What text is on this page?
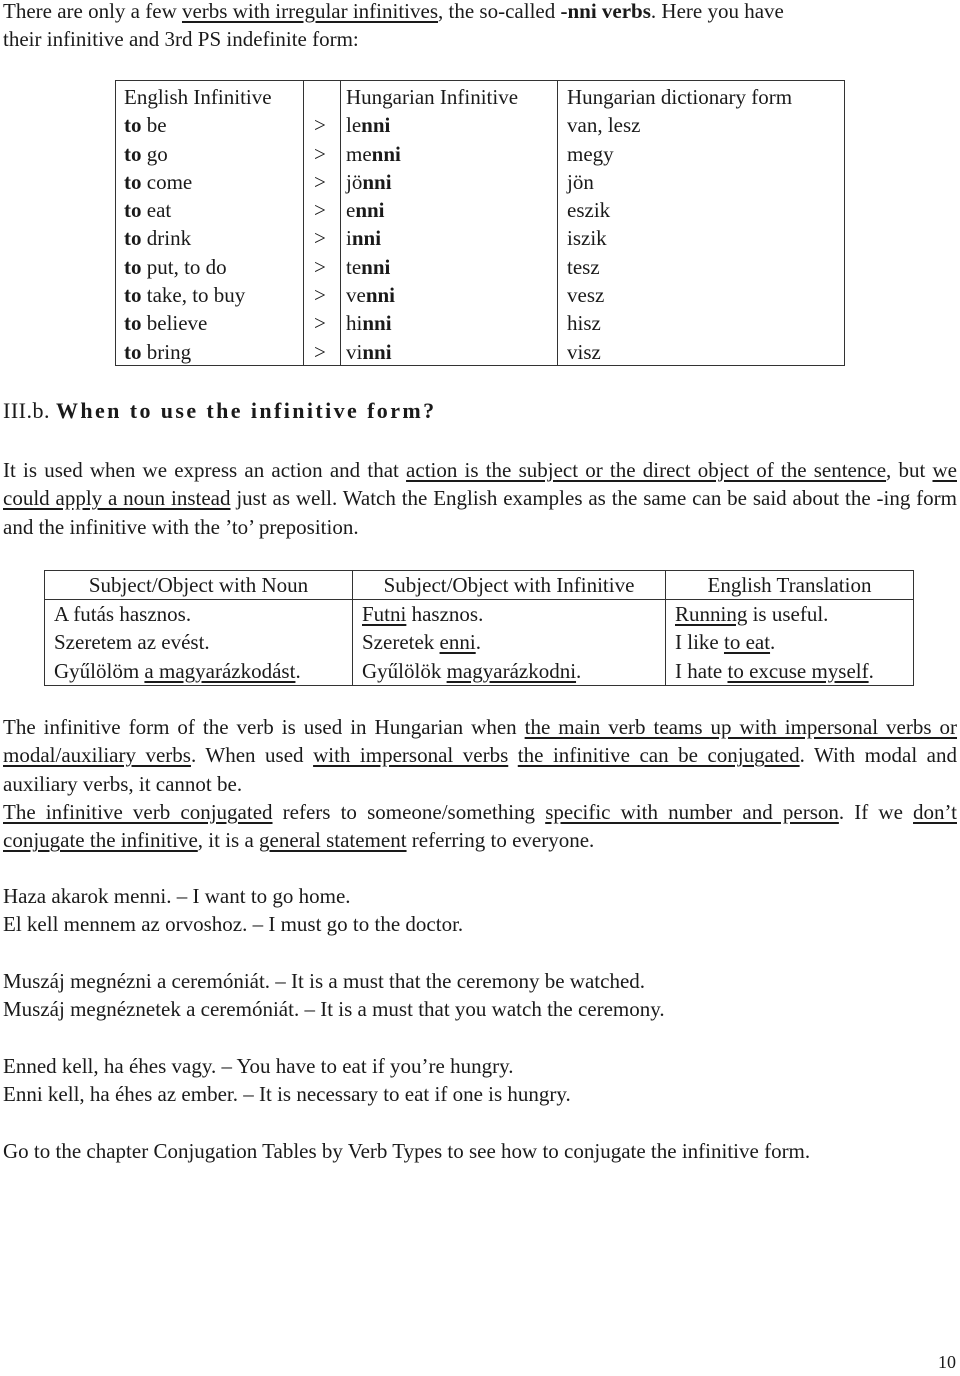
There are only a few verbs with irregular infinitives, the so-called -nni verbs. Here you have
their infinitive and 3rd PS indefinite form:
English Infinitive
to be
to go
to come
to eat
to drink
to put, to do
to take, to buy
to believe
to bring
>
>
>
>
>
>
>
>
>
Hungarian Infinitive
lenni
menni
jönni
enni
inni
tenni
venni
hinni
vinni
Hungarian dictionary form
van, lesz
megy
jön
eszik
iszik
tesz
vesz
hisz
visz
III.b. When to use the infinitive form?
It is used when we express an action and that action is the subject or the direct object of the sentence, but we could apply a noun instead just as well. Watch the English examples as the same can be said about the -ing form and the infinitive with the ’to’ preposition.
Subject/Object with Noun	Subject/Object with Infinitive	English Translation
A futás hasznos.
Szeretem az evést.
Gyűlölöm a magyarázkodást.
Futni hasznos.
Szeretek enni.
Gyűlölök magyarázkodni.
Running is useful.
I like to eat.
I hate to excuse myself.
The infinitive form of the verb is used in Hungarian when the main verb teams up with impersonal verbs or modal/auxiliary verbs. When used with impersonal verbs the infinitive can be conjugated. With modal and auxiliary verbs, it cannot be.
The infinitive verb conjugated refers to someone/something specific with number and person. If we don’t conjugate the infinitive, it is a general statement referring to everyone.
Haza akarok menni. – I want to go home.
El kell mennem az orvoshoz. – I must go to the doctor.
Muszáj megnézni a ceremóniát. – It is a must that the ceremony be watched.
Muszáj megnéznetek a ceremóniát. – It is a must that you watch the ceremony.
Enned kell, ha éhes vagy. – You have to eat if you’re hungry.
Enni kell, ha éhes az ember. – It is necessary to eat if one is hungry.
Go to the chapter Conjugation Tables by Verb Types to see how to conjugate the infinitive form.
10
